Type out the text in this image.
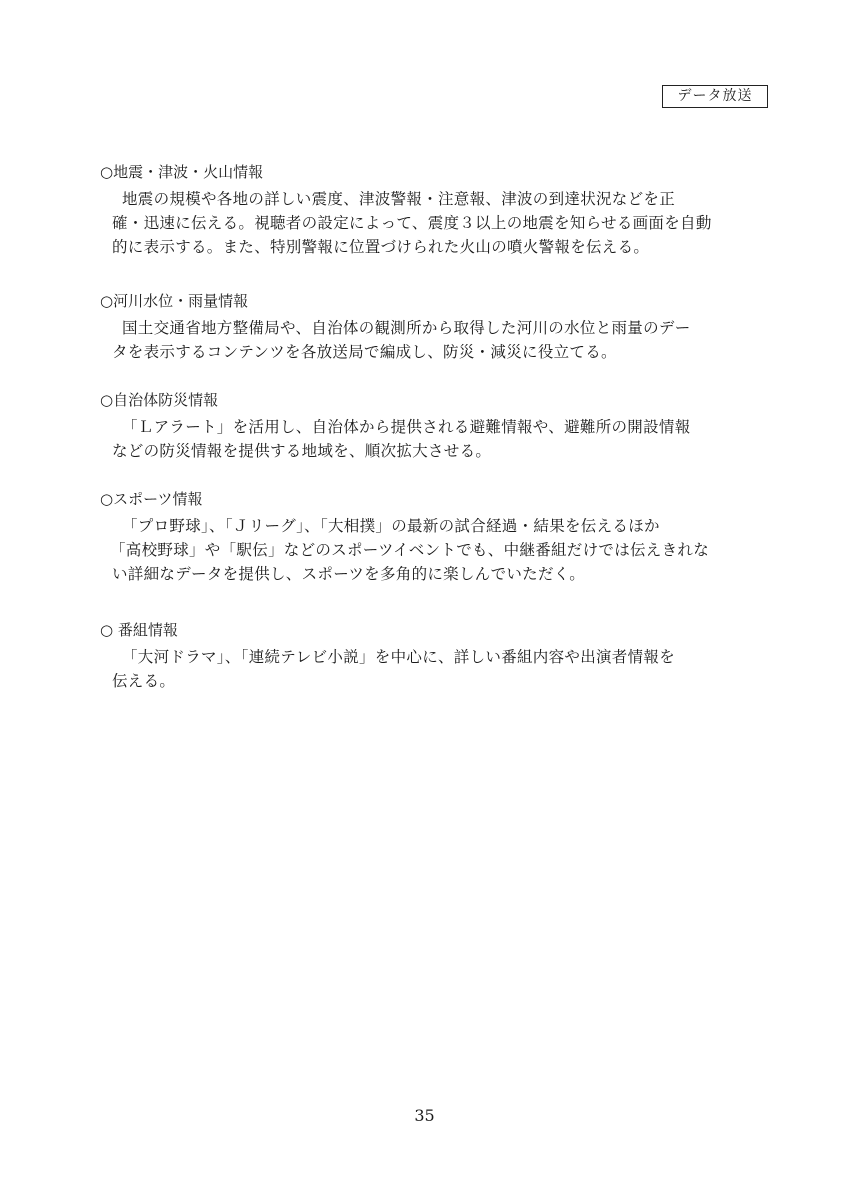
データ放送
○地震・津波・火山情報
地震の規模や各地の詳しい震度、津波警報・注意報、津波の到達状況などを正
確・迅速に伝える。視聴者の設定によって、震度３以上の地震を知らせる画面を自動
的に表示する。また、特別警報に位置づけられた火山の噴火警報を伝える。
○河川水位・雨量情報
国土交通省地方整備局や、自治体の観測所から取得した河川の水位と雨量のデー
タを表示するコンテンツを各放送局で編成し、防災・減災に役立てる。
○自治体防災情報
「Ｌアラート」を活用し、自治体から提供される避難情報や、避難所の開設情報
などの防災情報を提供する地域を、順次拡大させる。
○スポーツ情報
「プロ野球」、「Ｊリーグ」、「大相撲」の最新の試合経過・結果を伝えるほか
「高校野球」や「駅伝」などのスポーツイベントでも、中継番組だけでは伝えきれな
い詳細なデータを提供し、スポーツを多角的に楽しんでいただく。
○ 番組情報
「大河ドラマ」、「連続テレビ小説」を中心に、詳しい番組内容や出演者情報を
伝える。
35
